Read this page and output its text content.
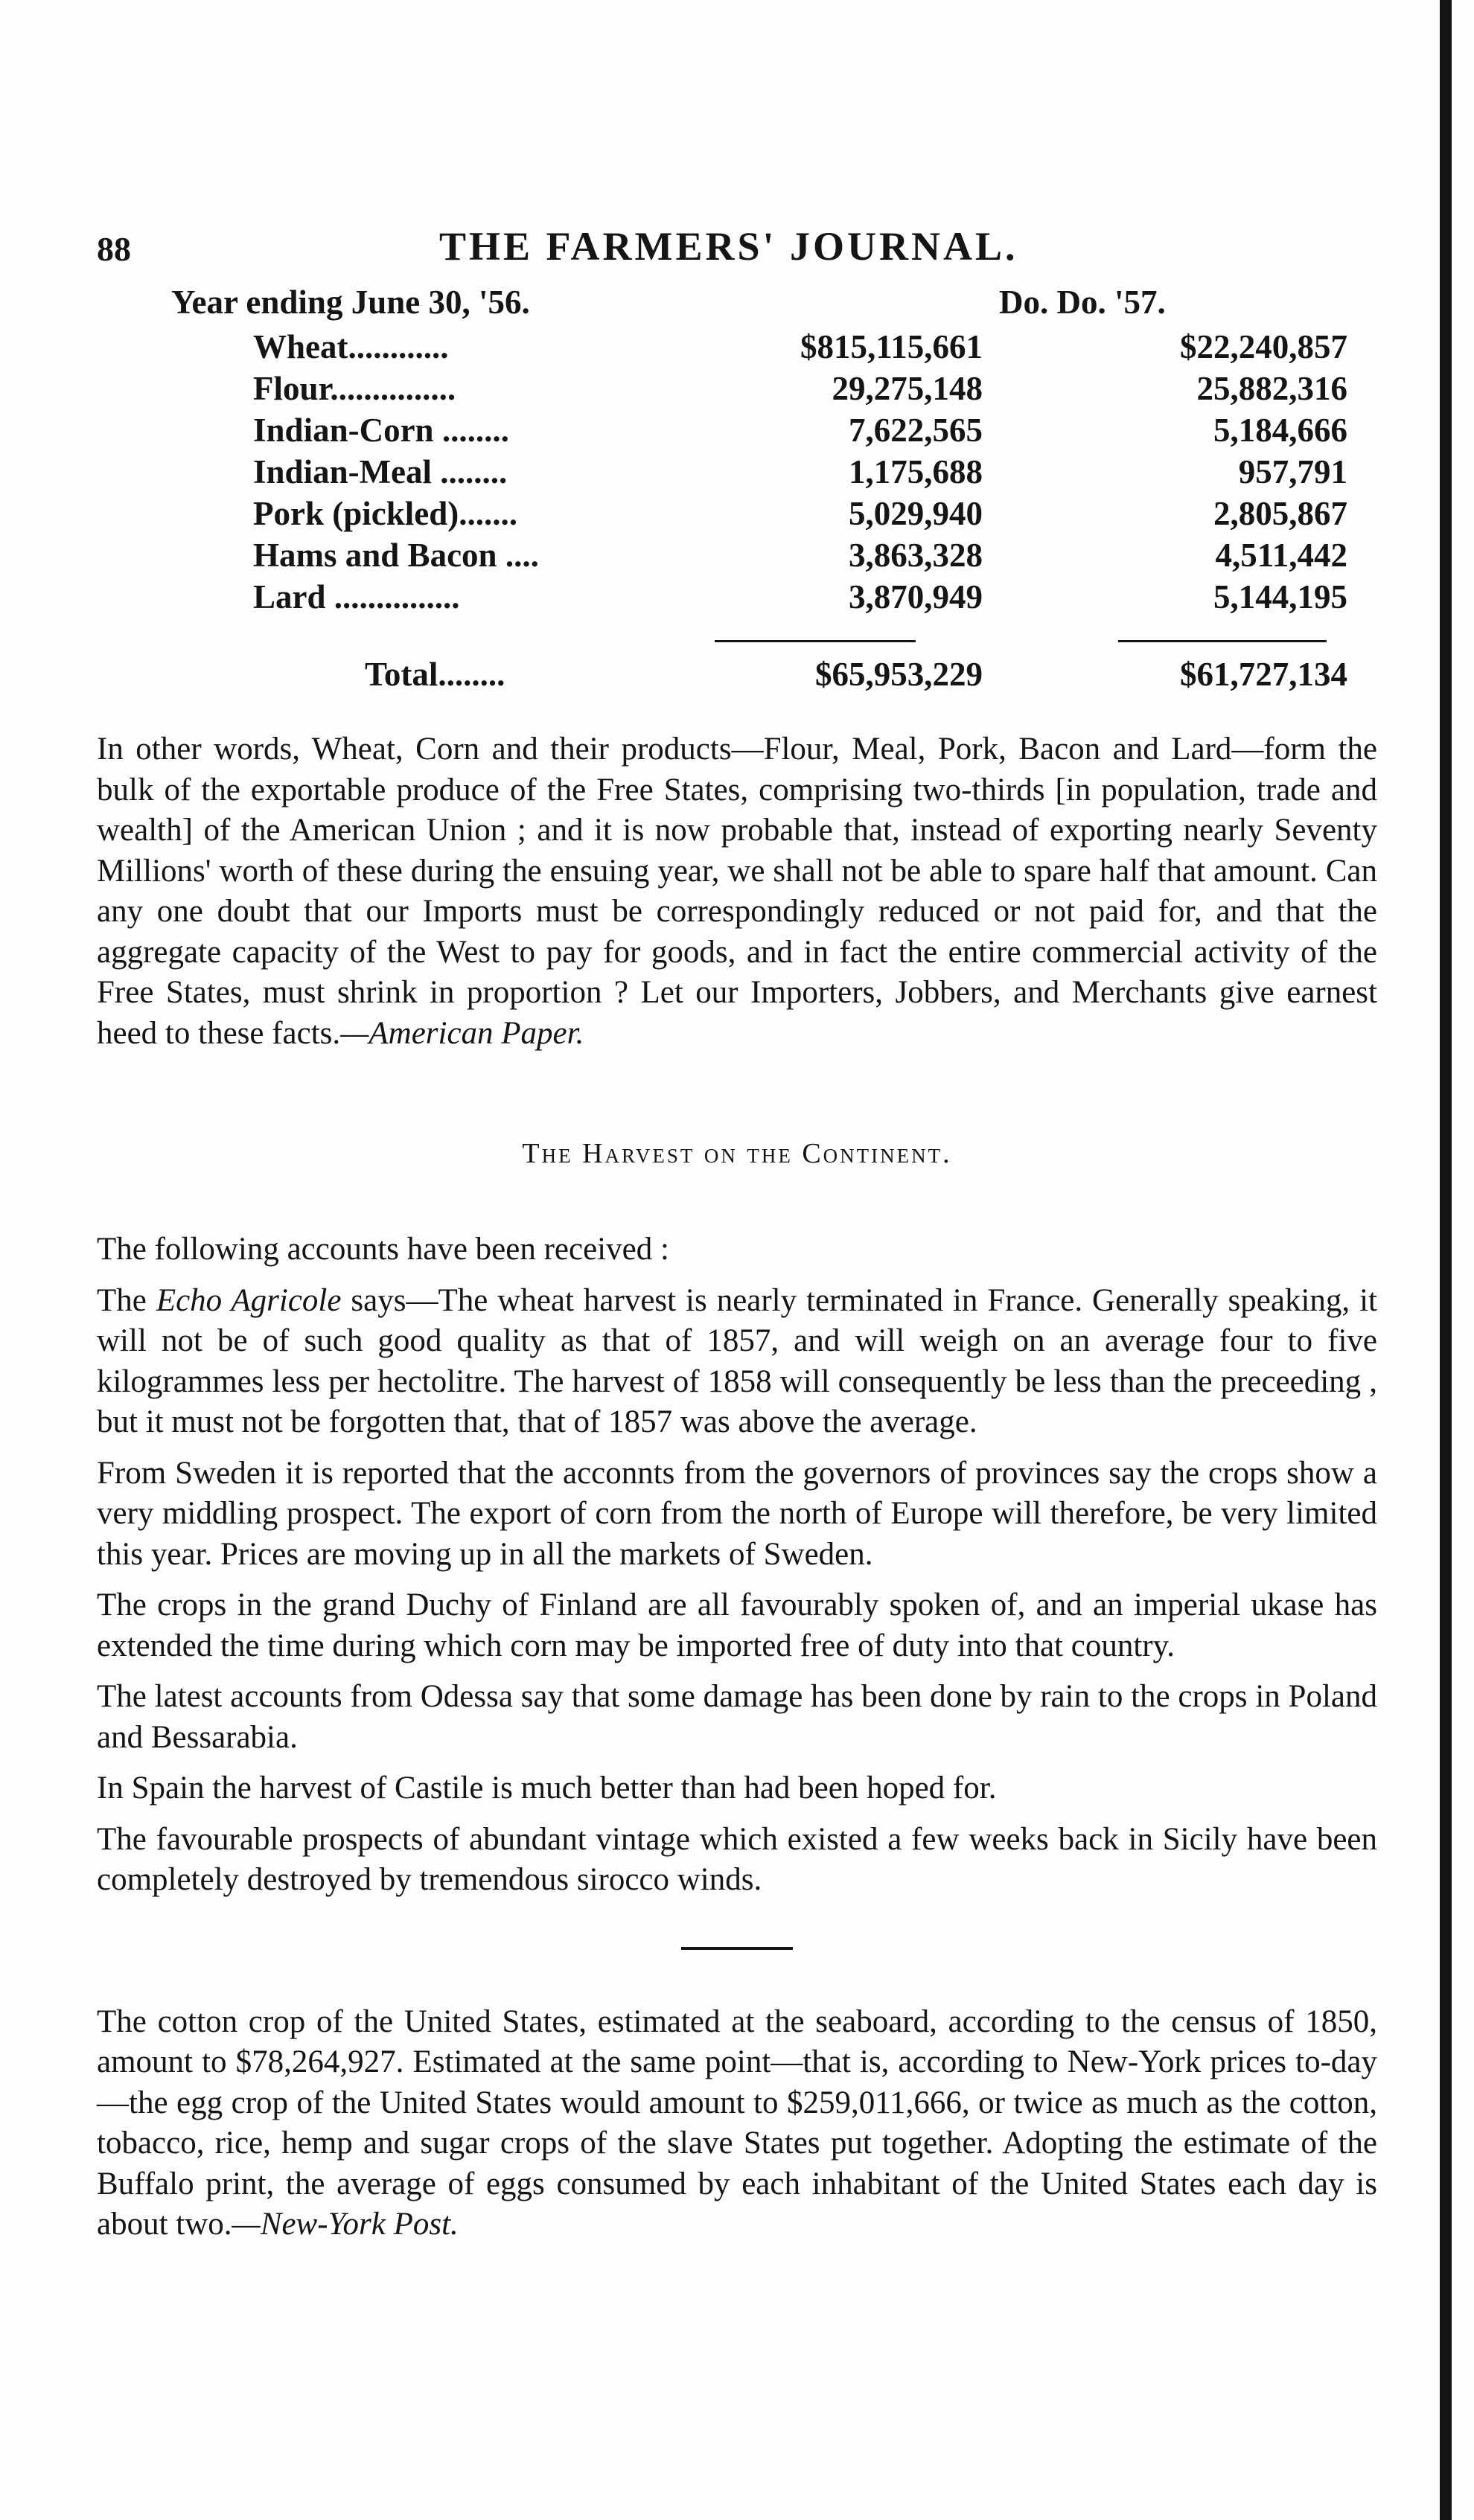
88	THE FARMERS' JOURNAL.
Year ending June 30, '56.	Do. Do. '57.
Wheat............	$815,115,661	$22,240,857
Flour...............	29,275,148	25,882,316
Indian-Corn ........	7,622,565	5,184,666
Indian-Meal ........	1,175,688	957,791
Pork (pickled).......	5,029,940	2,805,867
Hams and Bacon ....	3,863,328	4,511,442
Lard ...............	3,870,949	5,144,195
Total........	$65,953,229	$61,727,134

In other words, Wheat, Corn and their products—Flour, Meal, Pork, Bacon and Lard—form the bulk of the exportable produce of the Free States, comprising two-thirds [in population, trade and wealth] of the American Union ; and it is now probable that, instead of exporting nearly Seventy Millions' worth of these during the ensuing year, we shall not be able to spare half that amount. Can any one doubt that our Imports must be correspondingly reduced or not paid for, and that the aggregate capacity of the West to pay for goods, and in fact the entire commercial activity of the Free States, must shrink in proportion ? Let our Importers, Jobbers, and Merchants give earnest heed to these facts.—American Paper.

The Harvest on the Continent.

The following accounts have been received :

The Echo Agricole says—The wheat harvest is nearly terminated in France. Generally speaking, it will not be of such good quality as that of 1857, and will weigh on an average four to five kilogrammes less per hectolitre. The harvest of 1858 will consequently be less than the preceeding , but it must not be forgotten that, that of 1857 was above the average.

From Sweden it is reported that the acconnts from the governors of provinces say the crops show a very middling prospect. The export of corn from the north of Europe will therefore, be very limited this year. Prices are moving up in all the markets of Sweden.

The crops in the grand Duchy of Finland are all favourably spoken of, and an imperial ukase has extended the time during which corn may be imported free of duty into that country.

The latest accounts from Odessa say that some damage has been done by rain to the crops in Poland and Bessarabia.

In Spain the harvest of Castile is much better than had been hoped for.

The favourable prospects of abundant vintage which existed a few weeks back in Sicily have been completely destroyed by tremendous sirocco winds.

The cotton crop of the United States, estimated at the seaboard, according to the census of 1850, amount to $78,264,927. Estimated at the same point—that is, according to New-York prices to-day—the egg crop of the United States would amount to $259,011,666, or twice as much as the cotton, tobacco, rice, hemp and sugar crops of the slave States put together. Adopting the estimate of the Buffalo print, the average of eggs consumed by each inhabitant of the United States each day is about two.—New-York Post.
